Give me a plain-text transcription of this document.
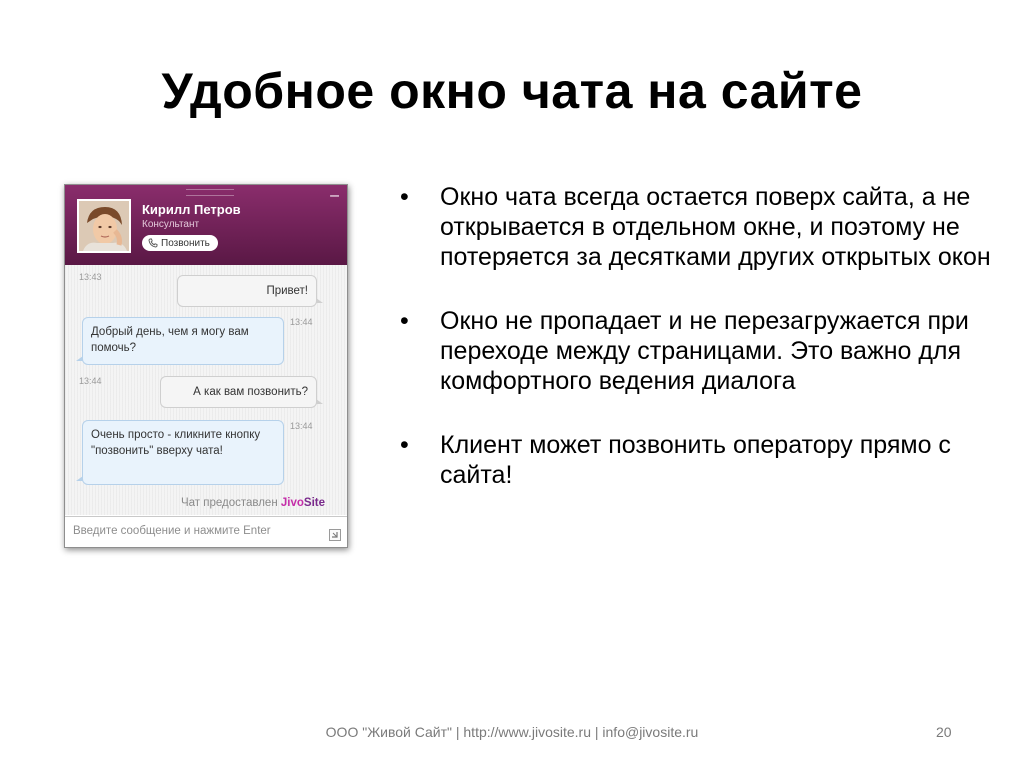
Удобное окно чата на сайте
–
Кирилл Петров
Консультант
Позвонить
13:43
Привет!
13:44
Добрый день, чем я могу вам помочь?
13:44
А как вам позвонить?
13:44
Очень просто - кликните кнопку "позвонить" вверху чата!
Чат предоставлен JivoSite
Введите сообщение и нажмите Enter
• Окно чата всегда остается поверх сайта, а не открывается в отдельном окне, и поэтому не потеряется за десятками других открытых окон
• Окно не пропадает и не перезагружается при переходе между страницами. Это важно для комфортного ведения диалога
• Клиент может позвонить оператору прямо с сайта!
ООО "Живой Сайт" | http://www.jivosite.ru | info@jivosite.ru	20
